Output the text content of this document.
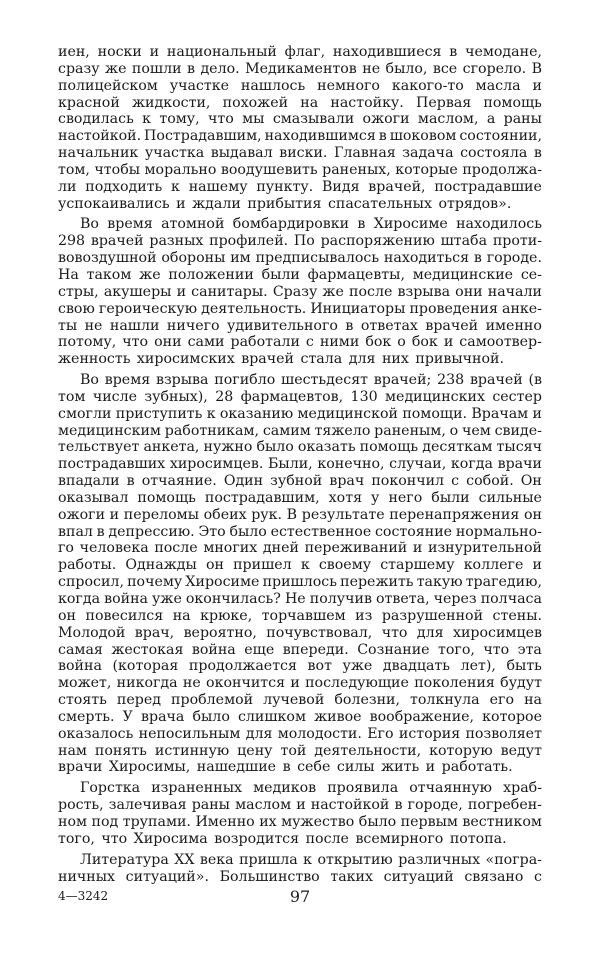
иен, носки и национальный флаг, находившиеся в чемодане,
сразу же пошли в дело. Медикаментов не было, все сгорело. В
полицейском участке нашлось немного какого-то масла и
красной жидкости, похожей на настойку. Первая помощь
сводилась к тому, что мы смазывали ожоги маслом, а раны
настойкой. Пострадавшим, находившимся в шоковом состоянии,
начальник участка выдавал виски. Главная задача состояла в
том, чтобы морально воодушевить раненых, которые продолжа-
ли подходить к нашему пункту. Видя врачей, пострадавшие
успокаивались и ждали прибытия спасательных отрядов».
Во время атомной бомбардировки в Хиросиме находилось
298 врачей разных профилей. По распоряжению штаба проти-
вовоздушной обороны им предписывалось находиться в городе.
На таком же положении были фармацевты, медицинские се-
стры, акушеры и санитары. Сразу же после взрыва они начали
свою героическую деятельность. Инициаторы проведения анке-
ты не нашли ничего удивительного в ответах врачей именно
потому, что они сами работали с ними бок о бок и самоотвер-
женность хиросимских врачей стала для них привычной.
Во время взрыва погибло шестьдесят врачей; 238 врачей (в
том числе зубных), 28 фармацевтов, 130 медицинских сестер
смогли приступить к оказанию медицинской помощи. Врачам и
медицинским работникам, самим тяжело раненым, о чем свиде-
тельствует анкета, нужно было оказать помощь десяткам тысяч
пострадавших хиросимцев. Были, конечно, случаи, когда врачи
впадали в отчаяние. Один зубной врач покончил с собой. Он
оказывал помощь пострадавшим, хотя у него были сильные
ожоги и переломы обеих рук. В результате перенапряжения он
впал в депрессию. Это было естественное состояние нормально-
го человека после многих дней переживаний и изнурительной
работы. Однажды он пришел к своему старшему коллеге и
спросил, почему Хиросиме пришлось пережить такую трагедию,
когда война уже окончилась? Не получив ответа, через полчаса
он повесился на крюке, торчавшем из разрушенной стены.
Молодой врач, вероятно, почувствовал, что для хиросимцев
самая жестокая война еще впереди. Сознание того, что эта
война (которая продолжается вот уже двадцать лет), быть
может, никогда не окончится и последующие поколения будут
стоять перед проблемой лучевой болезни, толкнула его на
смерть. У врача было слишком живое воображение, которое
оказалось непосильным для молодости. Его история позволяет
нам понять истинную цену той деятельности, которую ведут
врачи Хиросимы, нашедшие в себе силы жить и работать.
Горстка израненных медиков проявила отчаянную храб-
рость, залечивая раны маслом и настойкой в городе, погребен-
ном под трупами. Именно их мужество было первым вестником
того, что Хиросима возродится после всемирного потопа.
Литература XX века пришла к открытию различных «погра-
ничных ситуаций». Большинство таких ситуаций связано с
4—3242	97
